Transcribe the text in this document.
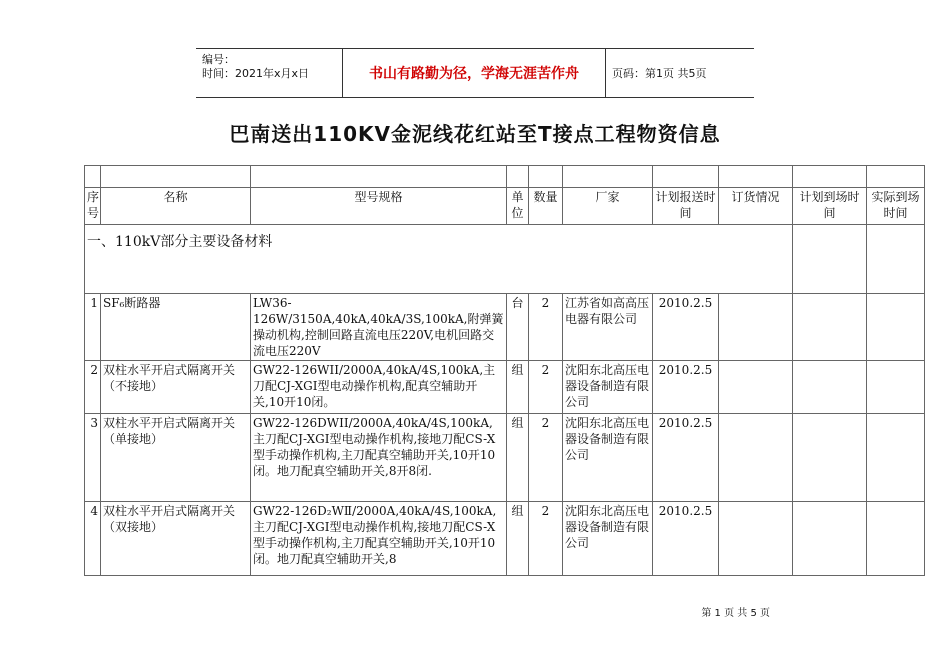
编号：
时间：2021年x月x日	书山有路勤为径，学海无涯苦作舟	页码：第1页 共5页
巴南送出110KV金泥线花红站至T接点工程物资信息

序号	名称	型号规格	单位	数量	厂家	计划报送时间	订货情况	计划到场时间	实际到场时间
一、110kV部分主要设备材料									
1	SF₆断路器	LW36-126W/3150A,40kA,40kA/3S,100kA,附弹簧操动机构,控制回路直流电压220V,电机回路交流电压220V	台	2	江苏省如高高压电器有限公司	2010.2.5			
2	双柱水平开启式隔离开关（不接地）	GW22-126WII/2000A,40kA/4S,100kA,主刀配CJ-XGI型电动操作机构,配真空辅助开关,10开10闭。	组	2	沈阳东北高压电器设备制造有限公司	2010.2.5			
3	双柱水平开启式隔离开关（单接地）	GW22-126DWII/2000A,40kA/4S,100kA,主刀配CJ-XGI型电动操作机构,接地刀配CS-X型手动操作机构,主刀配真空辅助开关,10开10闭。地刀配真空辅助开关,8开8闭.	组	2	沈阳东北高压电器设备制造有限公司	2010.2.5			
4	双柱水平开启式隔离开关（双接地）	GW22-126D₂WⅡ/2000A,40kA/4S,100kA,主刀配CJ-XGI型电动操作机构,接地刀配CS-X型手动操作机构,主刀配真空辅助开关,10开10闭。地刀配真空辅助开关,8	组	2	沈阳东北高压电器设备制造有限公司	2010.2.5			
第 1 页 共 5 页
